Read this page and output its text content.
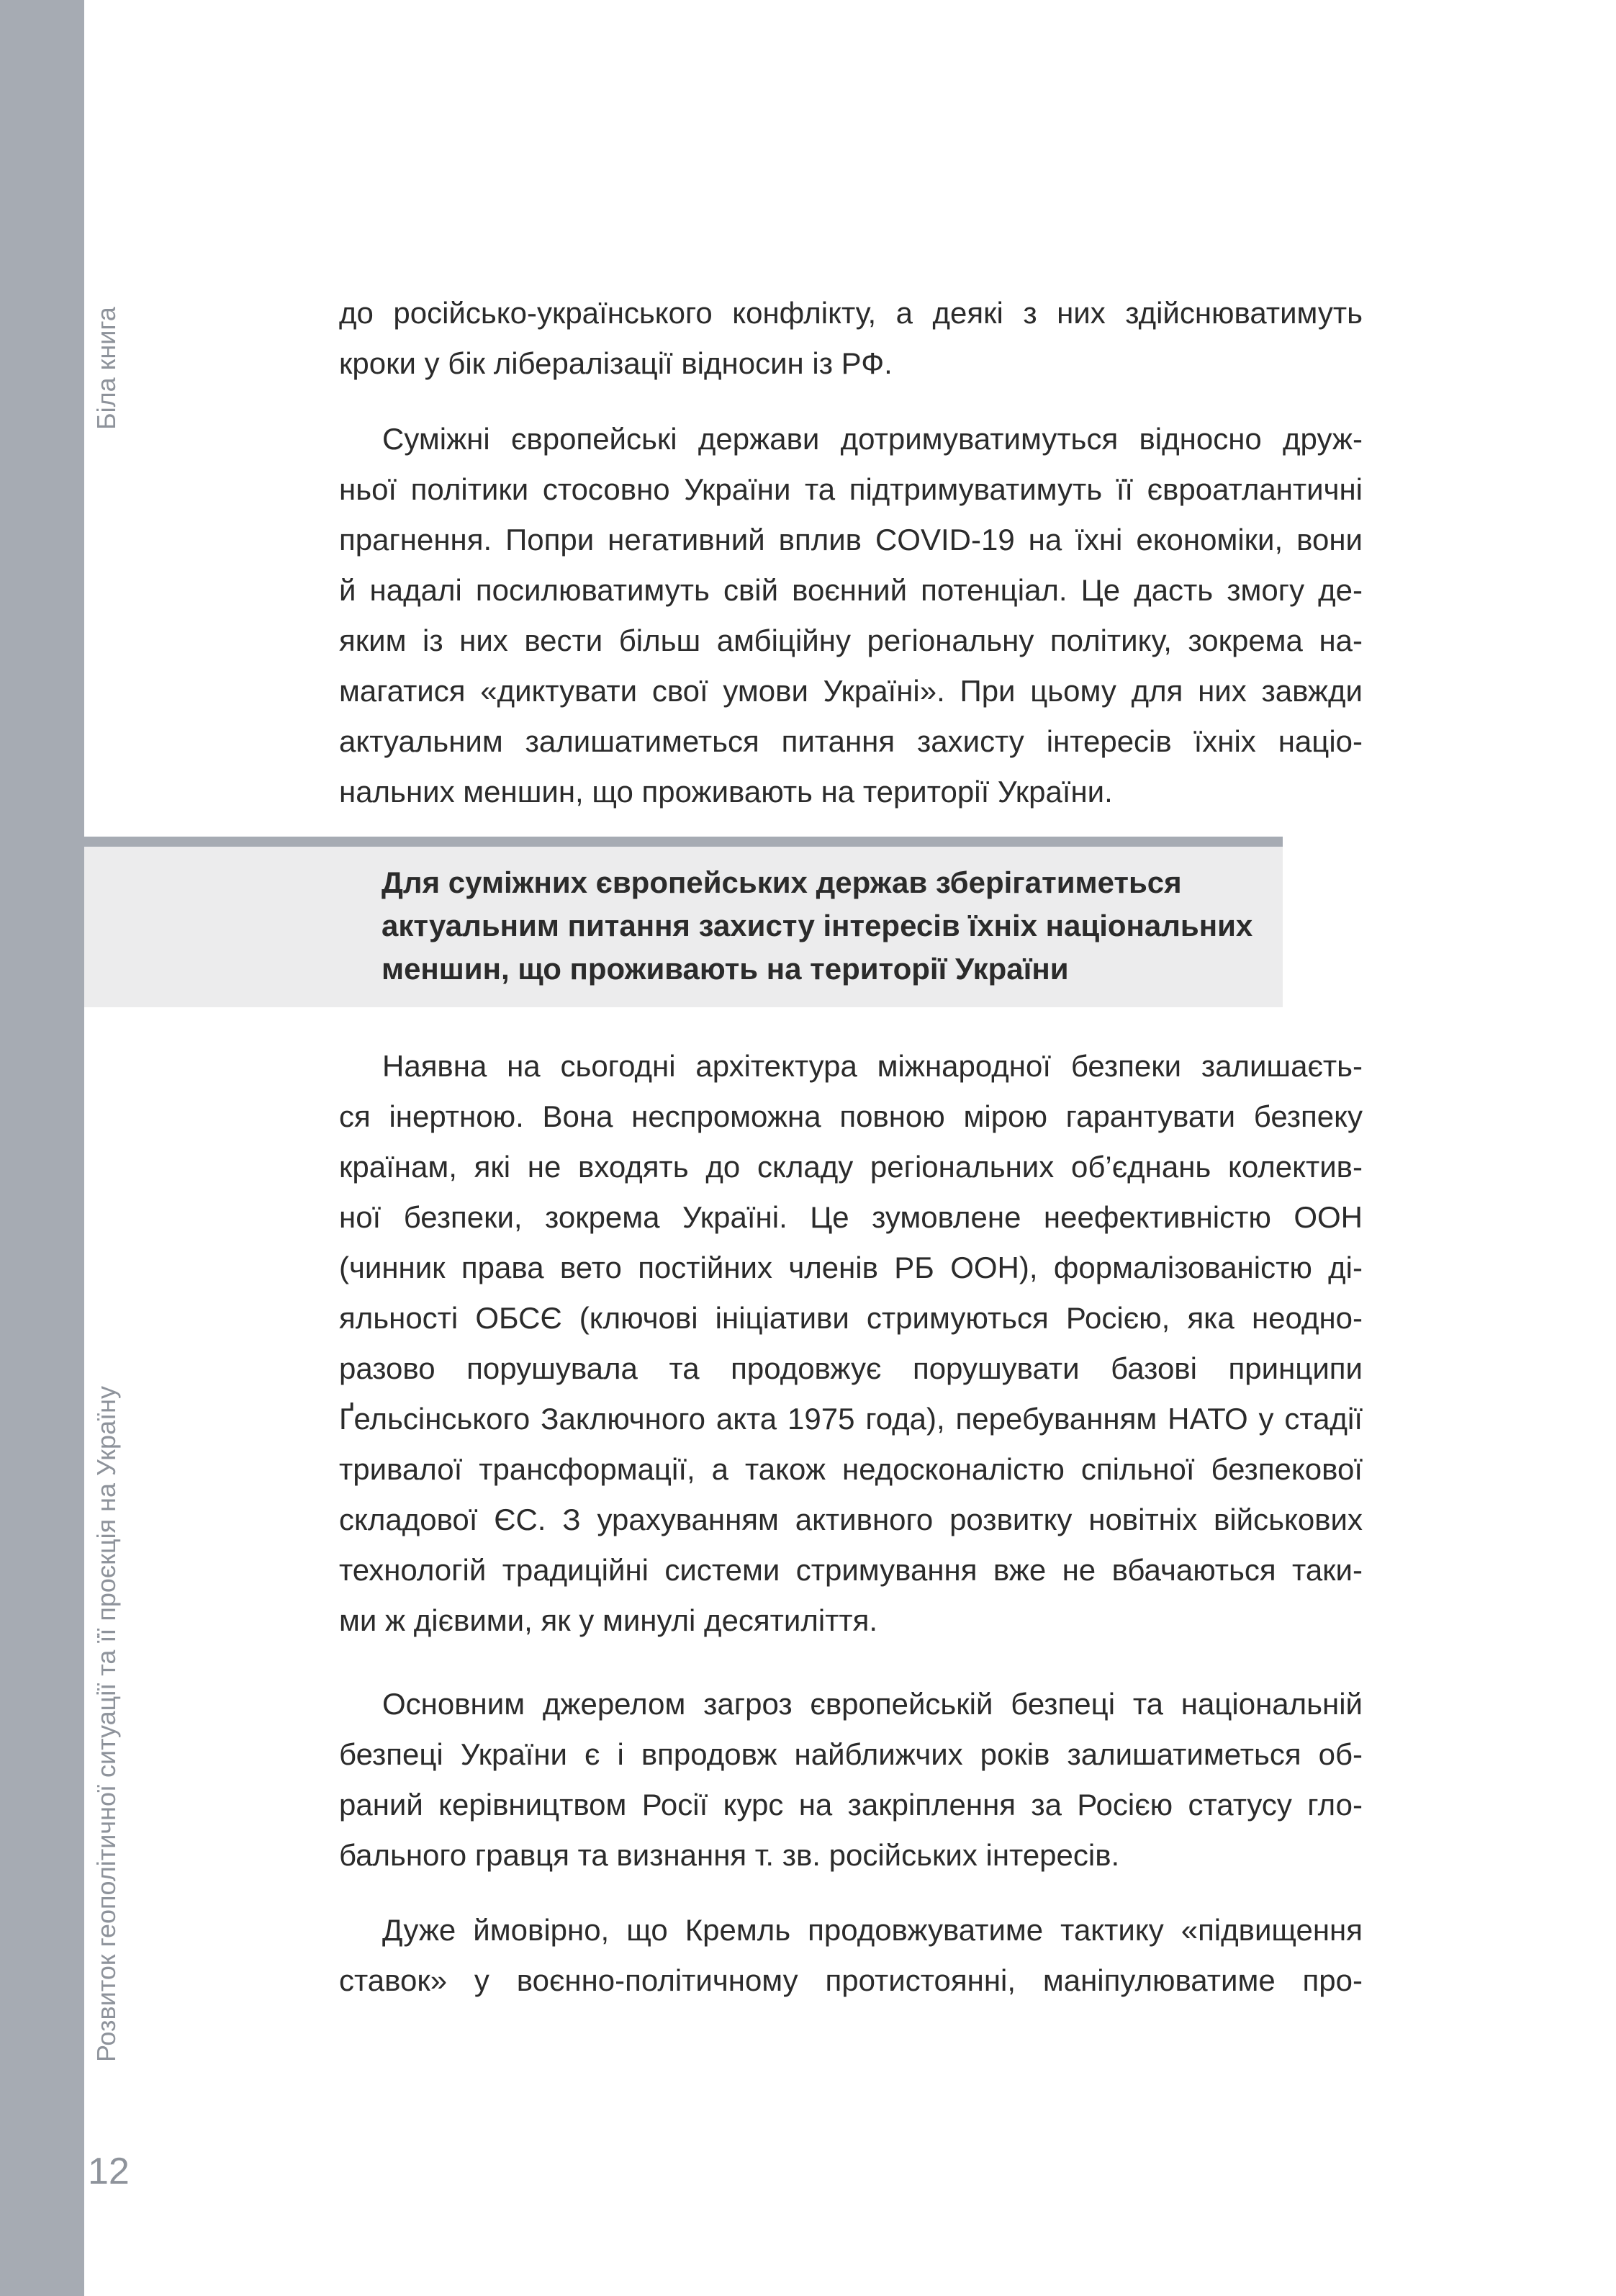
Біла книга
Розвиток геополітичної ситуації та її проєкція на Україну
12
до російсько-українського конфлікту, а деякі з них здійснюватимуть
кроки у бік лібералізації відносин із РФ.
Суміжні європейські держави дотримуватимуться відносно друж-
ньої політики стосовно України та підтримуватимуть її євроатлантичні
прагнення. Попри негативний вплив COVID-19 на їхні економіки, вони
й надалі посилюватимуть свій воєнний потенціал. Це дасть змогу де-
яким із них вести більш амбіційну регіональну політику, зокрема на-
магатися «диктувати свої умови Україні». При цьому для них завжди
актуальним залишатиметься питання захисту інтересів їхніх націо-
нальних меншин, що проживають на території України.
Для суміжних європейських держав зберігатиметься
актуальним питання захисту інтересів їхніх національних
меншин, що проживають на території України
Наявна на сьогодні архітектура міжнародної безпеки залишаєть-
ся інертною. Вона неспроможна повною мірою гарантувати безпеку
країнам, які не входять до складу регіональних об’єднань колектив-
ної безпеки, зокрема Україні. Це зумовлене неефективністю ООН
(чинник права вето постійних членів РБ ООН), формалізованістю ді-
яльності ОБСЄ (ключові ініціативи стримуються Росією, яка неодно-
разово порушувала та продовжує порушувати базові принципи Ґельсінського Заключного акта 1975 года), перебуванням НАТО у стадії
тривалої трансформації, а також недосконалістю спільної безпекової
складової ЄС. З урахуванням активного розвитку новітніх військових
технологій традиційні системи стримування вже не вбачаються таки-
ми ж дієвими, як у минулі десятиліття.
Основним джерелом загроз європейській безпеці та національній
безпеці України є і впродовж найближчих років залишатиметься об-
раний керівництвом Росії курс на закріплення за Росією статусу гло-
бального гравця та визнання т. зв. російських інтересів.
Дуже ймовірно, що Кремль продовжуватиме тактику «підвищення
ставок» у воєнно-політичному протистоянні, маніпулюватиме про-
